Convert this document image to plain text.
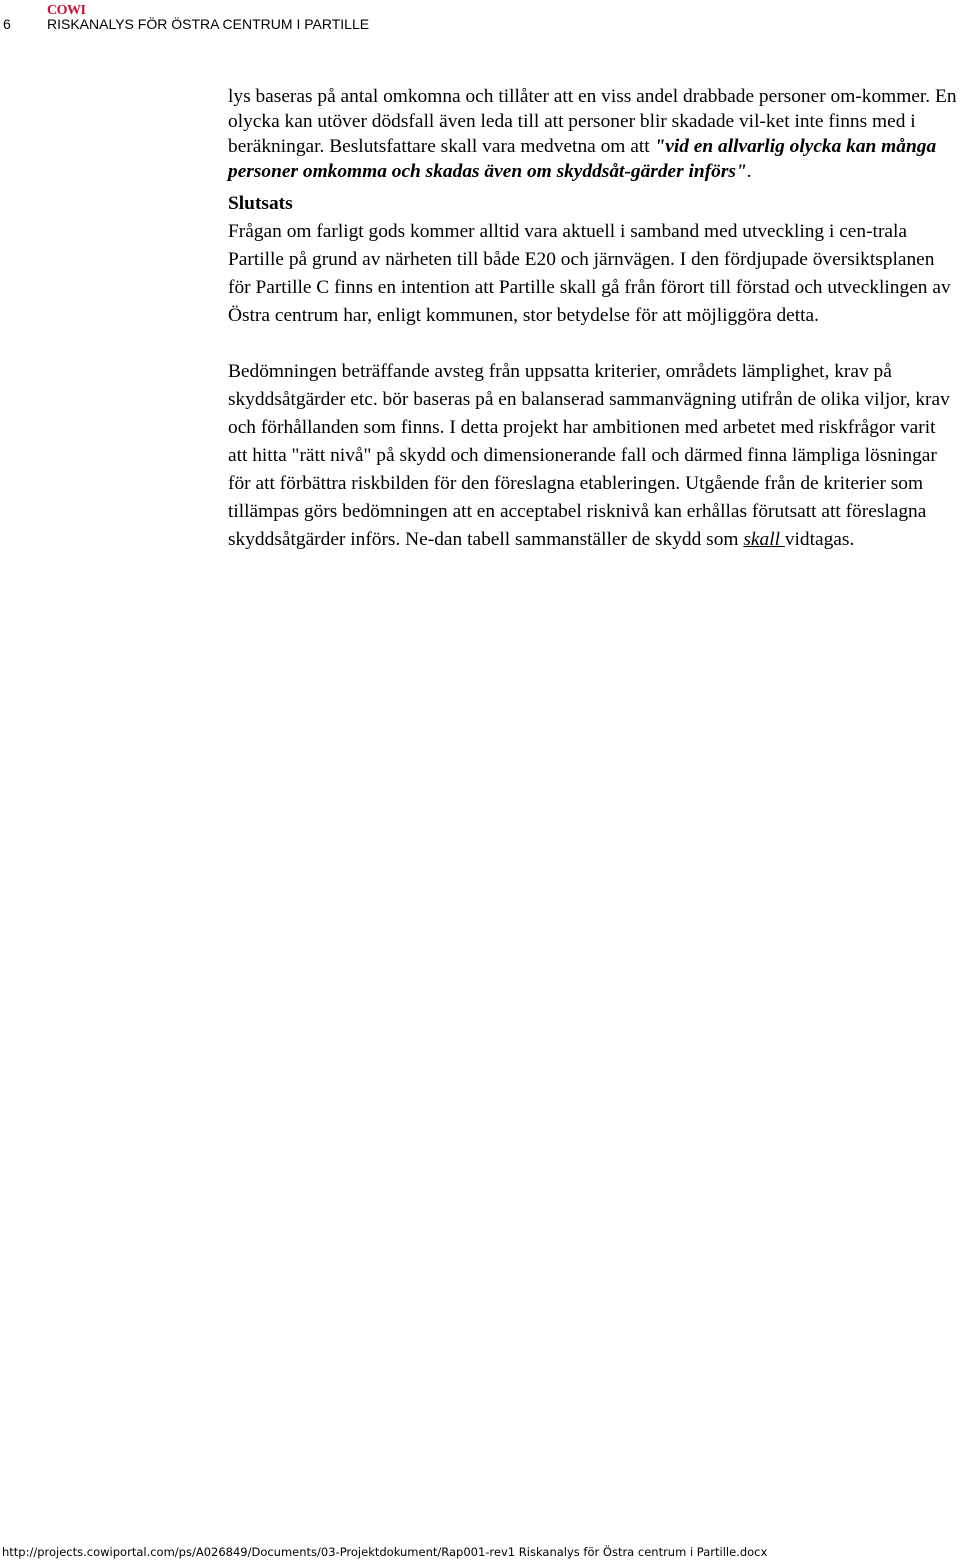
6
COWI
RISKANALYS FÖR ÖSTRA CENTRUM I PARTILLE

lys baseras på antal omkomna och tillåter att en viss andel drabbade personer om-kommer. En olycka kan utöver dödsfall även leda till att personer blir skadade vil-ket inte finns med i beräkningar. Beslutsfattare skall vara medvetna om att "vid en allvarlig olycka kan många personer omkomma och skadas även om skyddsåt-gärder införs".

Slutsats

Frågan om farligt gods kommer alltid vara aktuell i samband med utveckling i cen-trala Partille på grund av närheten till både E20 och järnvägen. I den fördjupade översiktsplanen för Partille C finns en intention att Partille skall gå från förort till förstad och utvecklingen av Östra centrum har, enligt kommunen, stor betydelse för att möjliggöra detta.

Bedömningen beträffande avsteg från uppsatta kriterier, områdets lämplighet, krav på skyddsåtgärder etc. bör baseras på en balanserad sammanvägning utifrån de olika viljor, krav och förhållanden som finns. I detta projekt har ambitionen med arbetet med riskfrågor varit att hitta "rätt nivå" på skydd och dimensionerande fall och därmed finna lämpliga lösningar för att förbättra riskbilden för den föreslagna etableringen. Utgående från de kriterier som tillämpas görs bedömningen att en acceptabel risknivå kan erhållas förutsatt att föreslagna skyddsåtgärder införs. Ne-dan tabell sammanställer de skydd som skall vidtagas.

http://projects.cowiportal.com/ps/A026849/Documents/03-Projektdokument/Rap001-rev1 Riskanalys för Östra centrum i Partille.docx
